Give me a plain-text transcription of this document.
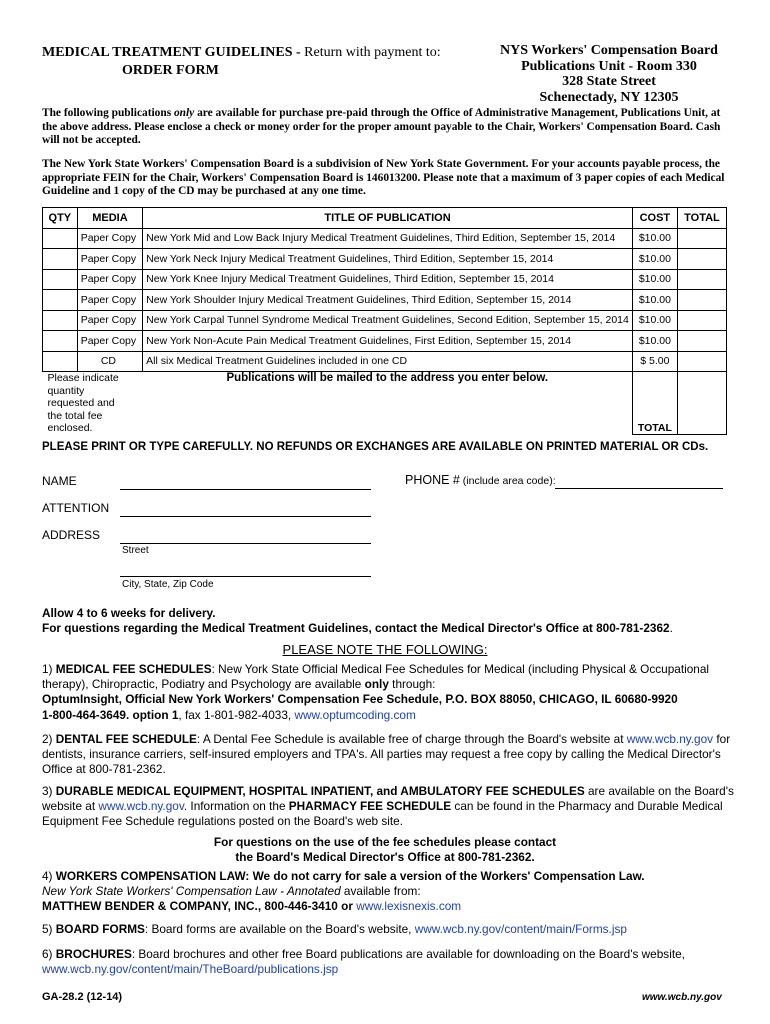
MEDICAL TREATMENT GUIDELINES - Return with payment to:
ORDER FORM
NYS Workers' Compensation Board
Publications Unit - Room 330
328 State Street
Schenectady, NY 12305
The following publications only are available for purchase pre-paid through the Office of Administrative Management, Publications Unit, at the above address. Please enclose a check or money order for the proper amount payable to the Chair, Workers' Compensation Board. Cash will not be accepted.
The New York State Workers' Compensation Board is a subdivision of New York State Government. For your accounts payable process, the appropriate FEIN for the Chair, Workers' Compensation Board is 146013200. Please note that a maximum of 3 paper copies of each Medical Guideline and 1 copy of the CD may be purchased at any one time.
QTY	MEDIA	TITLE OF PUBLICATION	COST	TOTAL
	Paper Copy	New York Mid and Low Back Injury Medical Treatment Guidelines, Third Edition, September 15, 2014	$10.00	
	Paper Copy	New York Neck Injury Medical Treatment Guidelines, Third Edition, September 15, 2014	$10.00	
	Paper Copy	New York Knee Injury Medical Treatment Guidelines, Third Edition, September 15, 2014	$10.00	
	Paper Copy	New York Shoulder Injury Medical Treatment Guidelines, Third Edition, September 15, 2014	$10.00	
	Paper Copy	New York Carpal Tunnel Syndrome Medical Treatment Guidelines, Second Edition, September 15, 2014	$10.00	
	Paper Copy	New York Non-Acute Pain Medical Treatment Guidelines, First Edition, September 15, 2014	$10.00	
	CD	All six Medical Treatment Guidelines included in one CD	$ 5.00	
Please indicate quantity requested and the total fee enclosed.		Publications will be mailed to the address you enter below.	TOTAL	
PLEASE PRINT OR TYPE CAREFULLY. NO REFUNDS OR EXCHANGES ARE AVAILABLE ON PRINTED MATERIAL OR CDs.
NAME	PHONE # (include area code):
ATTENTION
ADDRESS
Street
City, State, Zip Code
Allow 4 to 6 weeks for delivery.
For questions regarding the Medical Treatment Guidelines, contact the Medical Director's Office at 800-781-2362.
PLEASE NOTE THE FOLLOWING:
1) MEDICAL FEE SCHEDULES: New York State Official Medical Fee Schedules for Medical (including Physical & Occupational therapy), Chiropractic, Podiatry and Psychology are available only through:
OptumInsight, Official New York Workers' Compensation Fee Schedule, P.O. BOX 88050, CHICAGO, IL 60680-9920
1-800-464-3649. option 1, fax 1-801-982-4033, www.optumcoding.com
2) DENTAL FEE SCHEDULE: A Dental Fee Schedule is available free of charge through the Board's website at www.wcb.ny.gov for dentists, insurance carriers, self-insured employers and TPA's. All parties may request a free copy by calling the Medical Director's Office at 800-781-2362.
3) DURABLE MEDICAL EQUIPMENT, HOSPITAL INPATIENT, and AMBULATORY FEE SCHEDULES are available on the Board's website at www.wcb.ny.gov. Information on the PHARMACY FEE SCHEDULE can be found in the Pharmacy and Durable Medical Equipment Fee Schedule regulations posted on the Board's web site.
For questions on the use of the fee schedules please contact
the Board's Medical Director's Office at 800-781-2362.
4) WORKERS COMPENSATION LAW: We do not carry for sale a version of the Workers' Compensation Law.
New York State Workers' Compensation Law - Annotated available from:
MATTHEW BENDER & COMPANY, INC., 800-446-3410 or www.lexisnexis.com
5) BOARD FORMS: Board forms are available on the Board's website, www.wcb.ny.gov/content/main/Forms.jsp
6) BROCHURES: Board brochures and other free Board publications are available for downloading on the Board's website,
www.wcb.ny.gov/content/main/TheBoard/publications.jsp
GA-28.2 (12-14)	www.wcb.ny.gov
